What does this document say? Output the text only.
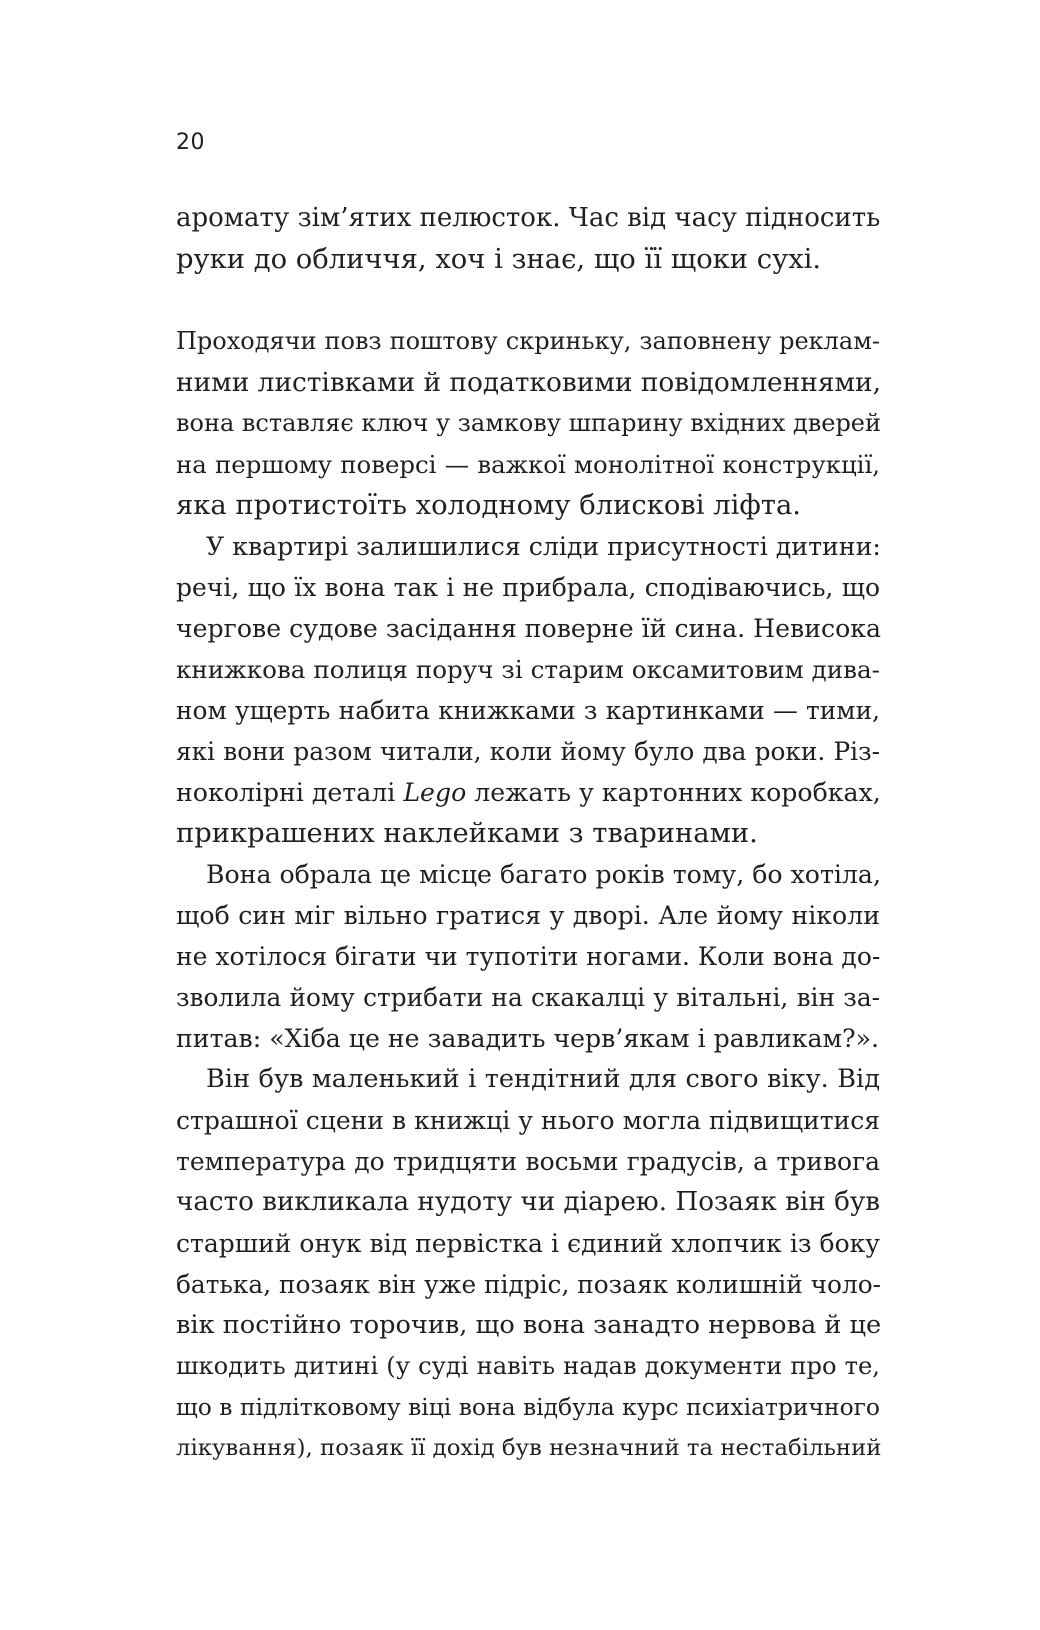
20
аромату зім’ятих пелюсток. Час від часу підносить
руки до обличчя, хоч і знає, що її щоки сухі.
Проходячи повз поштову скриньку, заповнену реклам-
ними листівками й податковими повідомленнями,
вона вставляє ключ у замкову шпарину вхідних дверей
на першому поверсі — важкої монолітної конструкції,
яка протистоїть холодному блискові ліфта.
У квартирі залишилися сліди присутності дитини:
речі, що їх вона так і не прибрала, сподіваючись, що
чергове судове засідання поверне їй сина. Невисока
книжкова полиця поруч зі старим оксамитовим дива-
ном ущерть набита книжками з картинками — тими,
які вони разом читали, коли йому було два роки. Різ-
ноколірні деталі Lego лежать у картонних коробках,
прикрашених наклейками з тваринами.
Вона обрала це місце багато років тому, бо хотіла,
щоб син міг вільно гратися у дворі. Але йому ніколи
не хотілося бігати чи тупотіти ногами. Коли вона до-
зволила йому стрибати на скакалці у вітальні, він за-
питав: «Хіба це не завадить черв’якам і равликам?».
Він був маленький і тендітний для свого віку. Від
страшної сцени в книжці у нього могла підвищитися
температура до тридцяти восьми градусів, а тривога
часто викликала нудоту чи діарею. Позаяк він був
старший онук від первістка і єдиний хлопчик із боку
батька, позаяк він уже підріс, позаяк колишній чоло-
вік постійно торочив, що вона занадто нервова й це
шкодить дитині (у суді навіть надав документи про те,
що в підлітковому віці вона відбула курс психіатричного
лікування), позаяк її дохід був незначний та нестабільний
